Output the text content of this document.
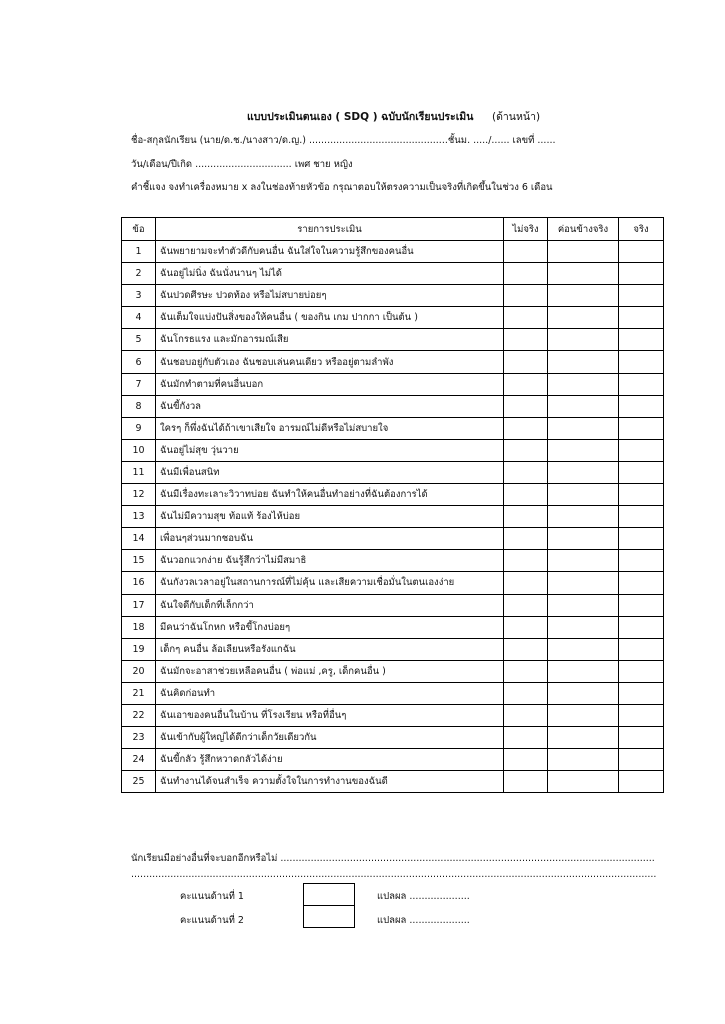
แบบประเมินตนเอง ( SDQ ) ฉบับนักเรียนประเมิน (ด้านหน้า)
ชื่อ-สกุลนักเรียน (นาย/ด.ช./นางสาว/ด.ญ.) ..............................................ชั้นม. ...../...... เลขที่ ......
วัน/เดือน/ปีเกิด ................................ เพศ ชาย หญิง
คำชี้แจง จงทำเครื่องหมาย x ลงในช่องท้ายหัวข้อ กรุณาตอบให้ตรงความเป็นจริงที่เกิดขึ้นในช่วง 6 เดือน
ข้อ	รายการประเมิน	ไม่จริง	ค่อนข้างจริง	จริง
1	ฉันพยายามจะทำตัวดีกับคนอื่น ฉันใส่ใจในความรู้สึกของคนอื่น			
2	ฉันอยู่ไม่นิ่ง ฉันนั่งนานๆ ไม่ได้			
3	ฉันปวดศีรษะ ปวดท้อง หรือไม่สบายบ่อยๆ			
4	ฉันเต็มใจแบ่งปันสิ่งของให้คนอื่น ( ของกิน เกม ปากกา เป็นต้น )			
5	ฉันโกรธแรง และมักอารมณ์เสีย			
6	ฉันชอบอยู่กับตัวเอง ฉันชอบเล่นคนเดียว หรืออยู่ตามลำพัง			
7	ฉันมักทำตามที่คนอื่นบอก			
8	ฉันขี้กังวล			
9	ใครๆ ก็พึ่งฉันได้ถ้าเขาเสียใจ อารมณ์ไม่ดีหรือไม่สบายใจ			
10	ฉันอยู่ไม่สุข วุ่นวาย			
11	ฉันมีเพื่อนสนิท			
12	ฉันมีเรื่องทะเลาะวิวาทบ่อย ฉันทำให้คนอื่นทำอย่างที่ฉันต้องการได้			
13	ฉันไม่มีความสุข ท้อแท้ ร้องไห้บ่อย			
14	เพื่อนๆส่วนมากชอบฉัน			
15	ฉันวอกแวกง่าย ฉันรู้สึกว่าไม่มีสมาธิ			
16	ฉันกังวลเวลาอยู่ในสถานการณ์ที่ไม่คุ้น และเสียความเชื่อมั่นในตนเองง่าย			
17	ฉันใจดีกับเด็กที่เล็กกว่า			
18	มีคนว่าฉันโกหก หรือขี้โกงบ่อยๆ			
19	เด็กๆ คนอื่น ล้อเลียนหรือรังแกฉัน			
20	ฉันมักจะอาสาช่วยเหลือคนอื่น ( พ่อแม่ ,ครู, เด็กคนอื่น )			
21	ฉันคิดก่อนทำ			
22	ฉันเอาของคนอื่นในบ้าน ที่โรงเรียน หรือที่อื่นๆ			
23	ฉันเข้ากับผู้ใหญ่ได้ดีกว่าเด็กวัยเดียวกัน			
24	ฉันขี้กลัว รู้สึกหวาดกลัวได้ง่าย			
25	ฉันทำงานได้จนสำเร็จ ความตั้งใจในการทำงานของฉันดี			
นักเรียนมีอย่างอื่นที่จะบอกอีกหรือไม่ ............................................................................................................................
..............................................................................................................................................................................
คะแนนด้านที่ 1	แปลผล ....................
คะแนนด้านที่ 2	แปลผล ....................
